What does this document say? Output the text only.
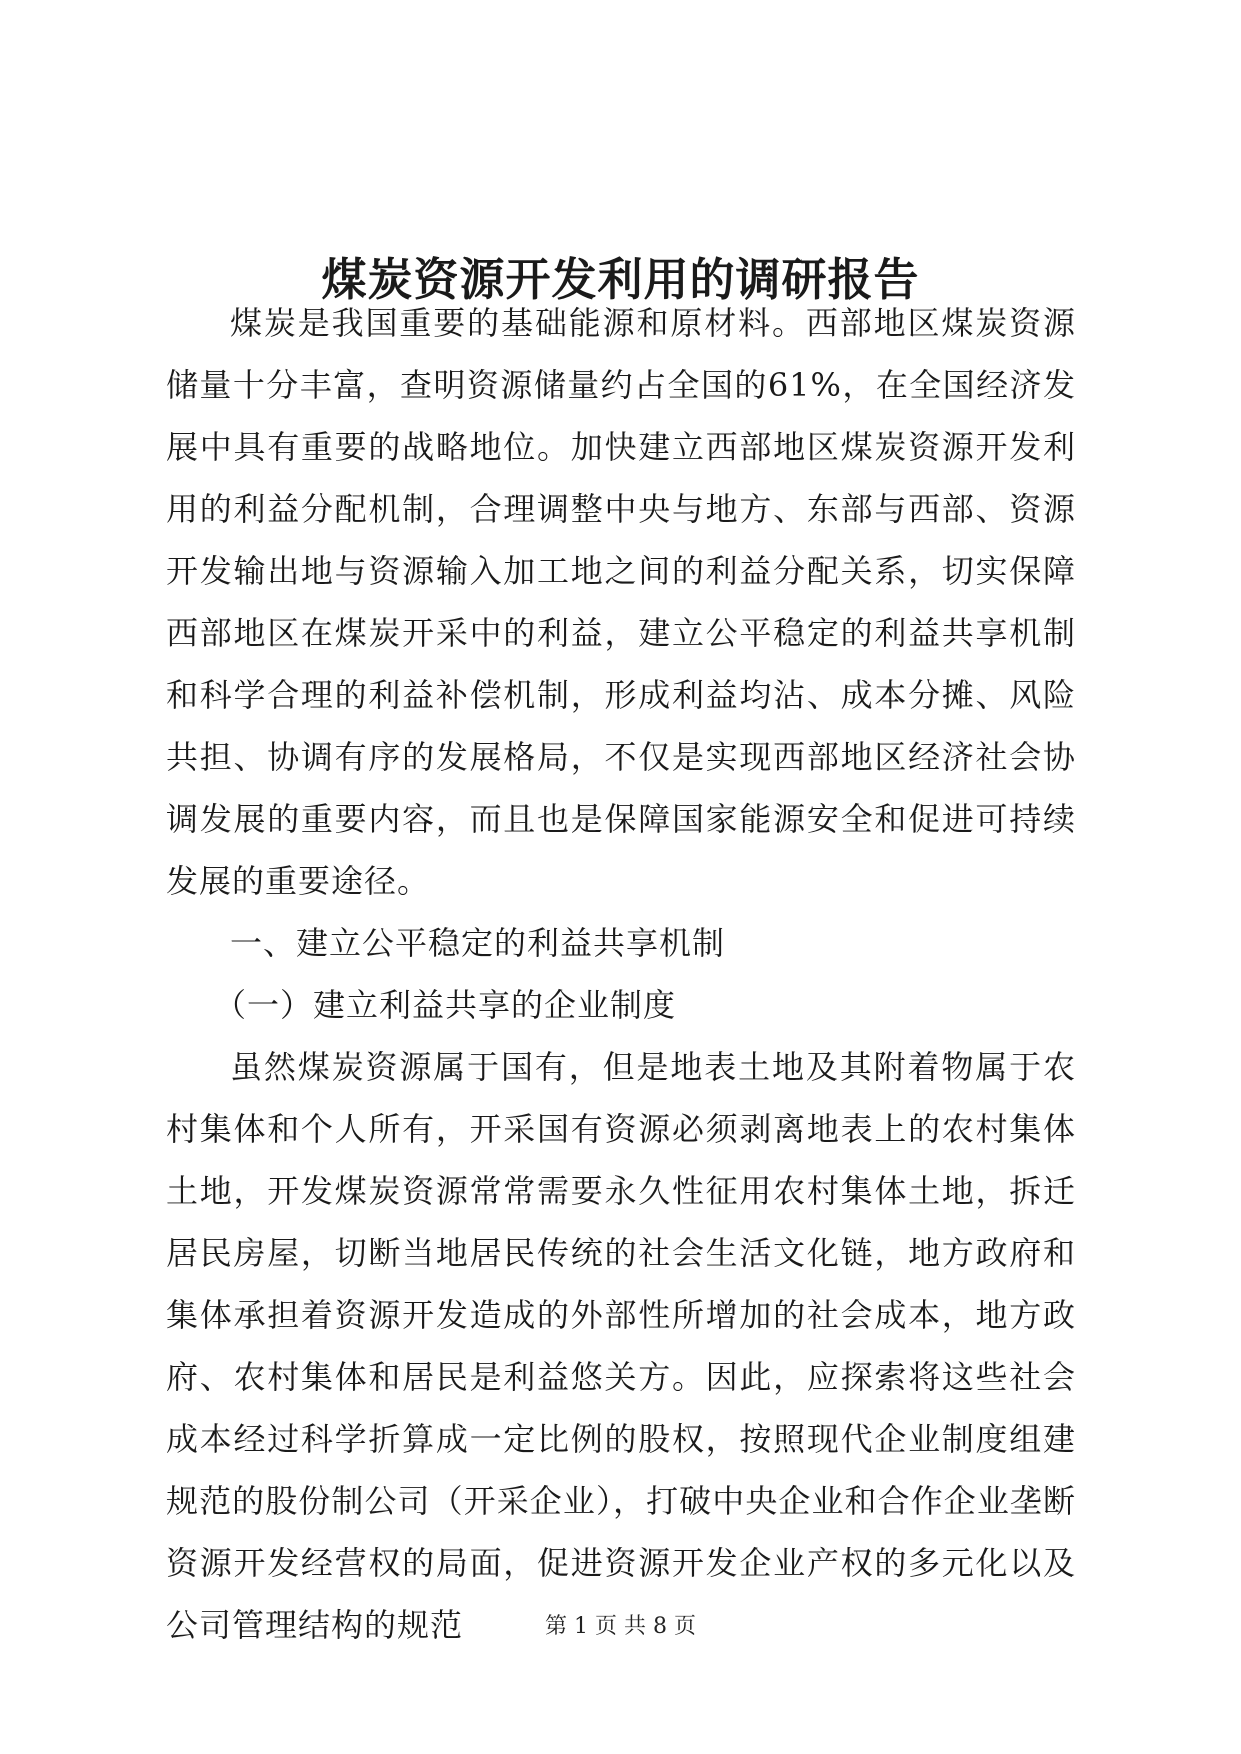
煤炭资源开发利用的调研报告

煤炭是我国重要的基础能源和原材料。西部地区煤炭资源储量十分丰富，查明资源储量约占全国的61%，在全国经济发展中具有重要的战略地位。加快建立西部地区煤炭资源开发利用的利益分配机制，合理调整中央与地方、东部与西部、资源开发输出地与资源输入加工地之间的利益分配关系，切实保障西部地区在煤炭开采中的利益，建立公平稳定的利益共享机制和科学合理的利益补偿机制，形成利益均沾、成本分摊、风险共担、协调有序的发展格局，不仅是实现西部地区经济社会协调发展的重要内容，而且也是保障国家能源安全和促进可持续发展的重要途径。

一、建立公平稳定的利益共享机制

（一）建立利益共享的企业制度

虽然煤炭资源属于国有，但是地表土地及其附着物属于农村集体和个人所有，开采国有资源必须剥离地表上的农村集体土地，开发煤炭资源常常需要永久性征用农村集体土地，拆迁居民房屋，切断当地居民传统的社会生活文化链，地方政府和集体承担着资源开发造成的外部性所增加的社会成本，地方政府、农村集体和居民是利益悠关方。因此，应探索将这些社会成本经过科学折算成一定比例的股权，按照现代企业制度组建规范的股份制公司（开采企业），打破中央企业和合作企业垄断资源开发经营权的局面，促进资源开发企业产权的多元化以及公司管理结构的规范	第 1 页 共 8 页
